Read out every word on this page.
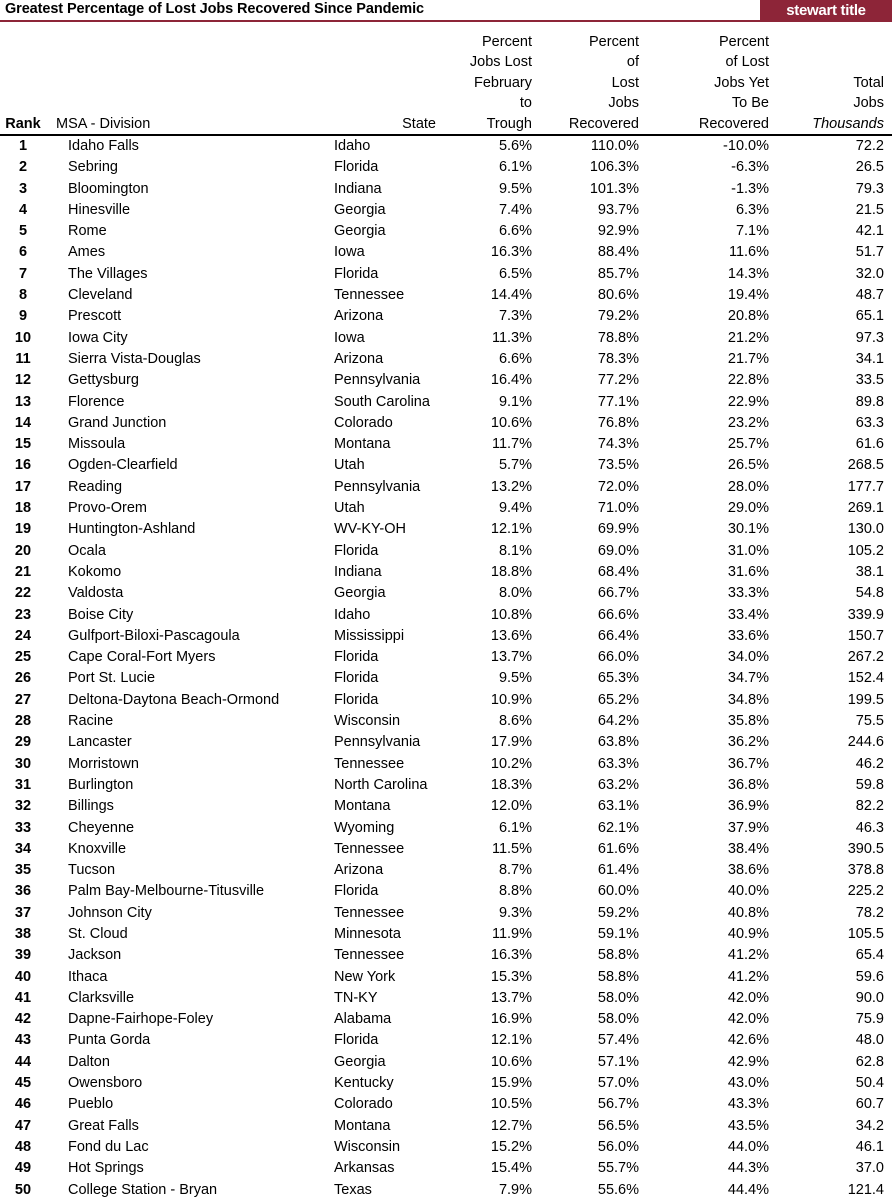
Greatest Percentage of Lost Jobs Recovered Since Pandemic	stewart title
Rank	MSA - Division	State	Percent
Jobs Lost
February
to
Trough	Percent
of
Lost
Jobs
Recovered	Percent
of Lost
Jobs Yet
To Be
Recovered	Total
Jobs
Thousands

1	Idaho Falls	Idaho	5.6%	110.0%	-10.0%	72.2
2	Sebring	Florida	6.1%	106.3%	-6.3%	26.5
3	Bloomington	Indiana	9.5%	101.3%	-1.3%	79.3
4	Hinesville	Georgia	7.4%	93.7%	6.3%	21.5
5	Rome	Georgia	6.6%	92.9%	7.1%	42.1
6	Ames	Iowa	16.3%	88.4%	11.6%	51.7
7	The Villages	Florida	6.5%	85.7%	14.3%	32.0
8	Cleveland	Tennessee	14.4%	80.6%	19.4%	48.7
9	Prescott	Arizona	7.3%	79.2%	20.8%	65.1
10	Iowa City	Iowa	11.3%	78.8%	21.2%	97.3
11	Sierra Vista-Douglas	Arizona	6.6%	78.3%	21.7%	34.1
12	Gettysburg	Pennsylvania	16.4%	77.2%	22.8%	33.5
13	Florence	South Carolina	9.1%	77.1%	22.9%	89.8
14	Grand Junction	Colorado	10.6%	76.8%	23.2%	63.3
15	Missoula	Montana	11.7%	74.3%	25.7%	61.6
16	Ogden-Clearfield	Utah	5.7%	73.5%	26.5%	268.5
17	Reading	Pennsylvania	13.2%	72.0%	28.0%	177.7
18	Provo-Orem	Utah	9.4%	71.0%	29.0%	269.1
19	Huntington-Ashland	WV-KY-OH	12.1%	69.9%	30.1%	130.0
20	Ocala	Florida	8.1%	69.0%	31.0%	105.2
21	Kokomo	Indiana	18.8%	68.4%	31.6%	38.1
22	Valdosta	Georgia	8.0%	66.7%	33.3%	54.8
23	Boise City	Idaho	10.8%	66.6%	33.4%	339.9
24	Gulfport-Biloxi-Pascagoula	Mississippi	13.6%	66.4%	33.6%	150.7
25	Cape Coral-Fort Myers	Florida	13.7%	66.0%	34.0%	267.2
26	Port St. Lucie	Florida	9.5%	65.3%	34.7%	152.4
27	Deltona-Daytona Beach-Ormond	Florida	10.9%	65.2%	34.8%	199.5
28	Racine	Wisconsin	8.6%	64.2%	35.8%	75.5
29	Lancaster	Pennsylvania	17.9%	63.8%	36.2%	244.6
30	Morristown	Tennessee	10.2%	63.3%	36.7%	46.2
31	Burlington	North Carolina	18.3%	63.2%	36.8%	59.8
32	Billings	Montana	12.0%	63.1%	36.9%	82.2
33	Cheyenne	Wyoming	6.1%	62.1%	37.9%	46.3
34	Knoxville	Tennessee	11.5%	61.6%	38.4%	390.5
35	Tucson	Arizona	8.7%	61.4%	38.6%	378.8
36	Palm Bay-Melbourne-Titusville	Florida	8.8%	60.0%	40.0%	225.2
37	Johnson City	Tennessee	9.3%	59.2%	40.8%	78.2
38	St. Cloud	Minnesota	11.9%	59.1%	40.9%	105.5
39	Jackson	Tennessee	16.3%	58.8%	41.2%	65.4
40	Ithaca	New York	15.3%	58.8%	41.2%	59.6
41	Clarksville	TN-KY	13.7%	58.0%	42.0%	90.0
42	Dapne-Fairhope-Foley	Alabama	16.9%	58.0%	42.0%	75.9
43	Punta Gorda	Florida	12.1%	57.4%	42.6%	48.0
44	Dalton	Georgia	10.6%	57.1%	42.9%	62.8
45	Owensboro	Kentucky	15.9%	57.0%	43.0%	50.4
46	Pueblo	Colorado	10.5%	56.7%	43.3%	60.7
47	Great Falls	Montana	12.7%	56.5%	43.5%	34.2
48	Fond du Lac	Wisconsin	15.2%	56.0%	44.0%	46.1
49	Hot Springs	Arkansas	15.4%	55.7%	44.3%	37.0
50	College Station - Bryan	Texas	7.9%	55.6%	44.4%	121.4
